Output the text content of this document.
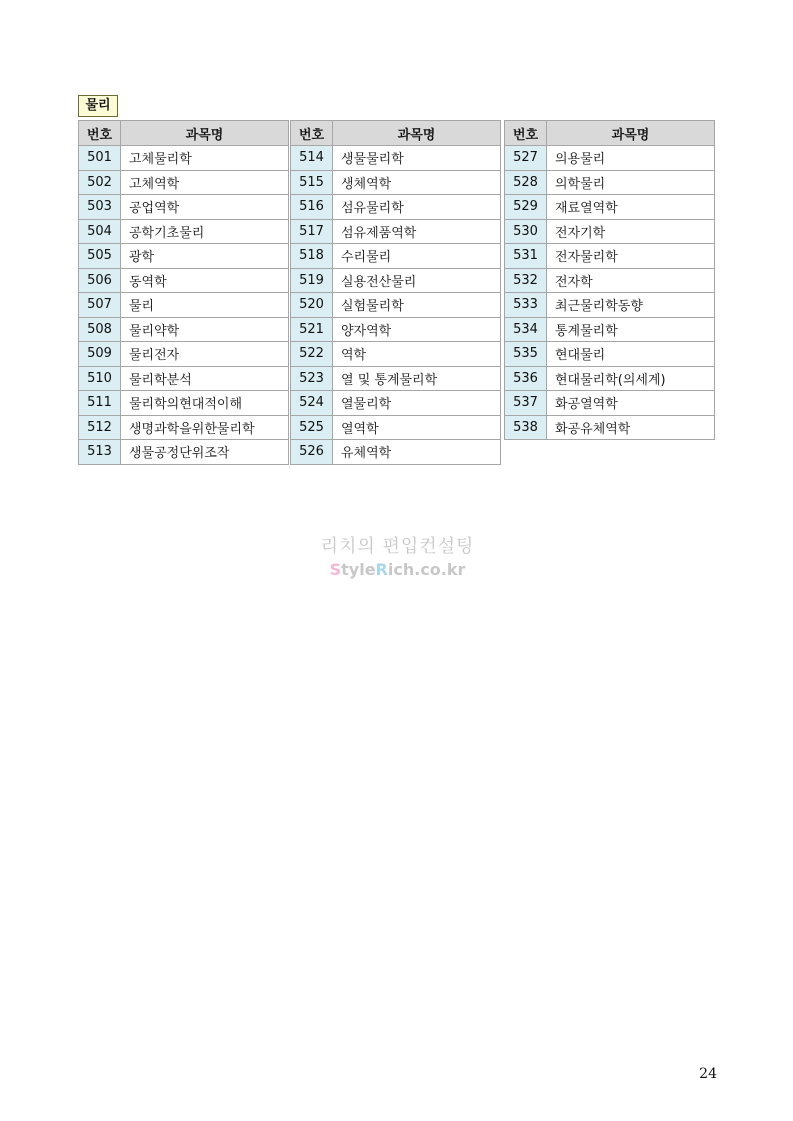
물리
번호	과목명
501	고체물리학
502	고체역학
503	공업역학
504	공학기초물리
505	광학
506	동역학
507	물리
508	물리약학
509	물리전자
510	물리학분석
511	물리학의현대적이해
512	생명과학을위한물리학
513	생물공정단위조작
번호	과목명
514	생물물리학
515	생체역학
516	섬유물리학
517	섬유제품역학
518	수리물리
519	실용전산물리
520	실험물리학
521	양자역학
522	역학
523	열 및 통계물리학
524	열물리학
525	열역학
526	유체역학
번호	과목명
527	의용물리
528	의학물리
529	재료열역학
530	전자기학
531	전자물리학
532	전자학
533	최근물리학동향
534	통계물리학
535	현대물리
536	현대물리학(의세계)
537	화공열역학
538	화공유체역학
리치의 편입컨설팅
StyleRich.co.kr
24
